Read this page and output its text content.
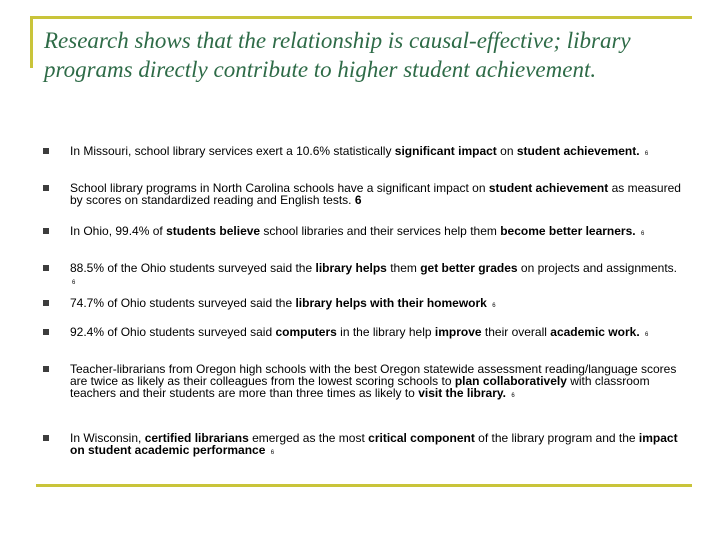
Research shows that the relationship is causal-effective; library programs directly contribute to higher student achievement.
In Missouri, school library services exert a 10.6% statistically significant impact on student achievement. 6
School library programs in North Carolina schools have a significant impact on student achievement as measured by scores on standardized reading and English tests. 6
In Ohio, 99.4% of students believe school libraries and their services help them become better learners. 6
88.5% of the Ohio students surveyed said the library helps them get better grades on projects and assignments. 6
74.7% of Ohio students surveyed said the library helps with their homework 6
92.4% of Ohio students surveyed said computers in the library help improve their overall academic work. 6
Teacher-librarians from Oregon high schools with the best Oregon statewide assessment reading/language scores are twice as likely as their colleagues from the lowest scoring schools to plan collaboratively with classroom teachers and their students are more than three times as likely to visit the library. 6
In Wisconsin, certified librarians emerged as the most critical component of the library program and the impact on student academic performance 6
